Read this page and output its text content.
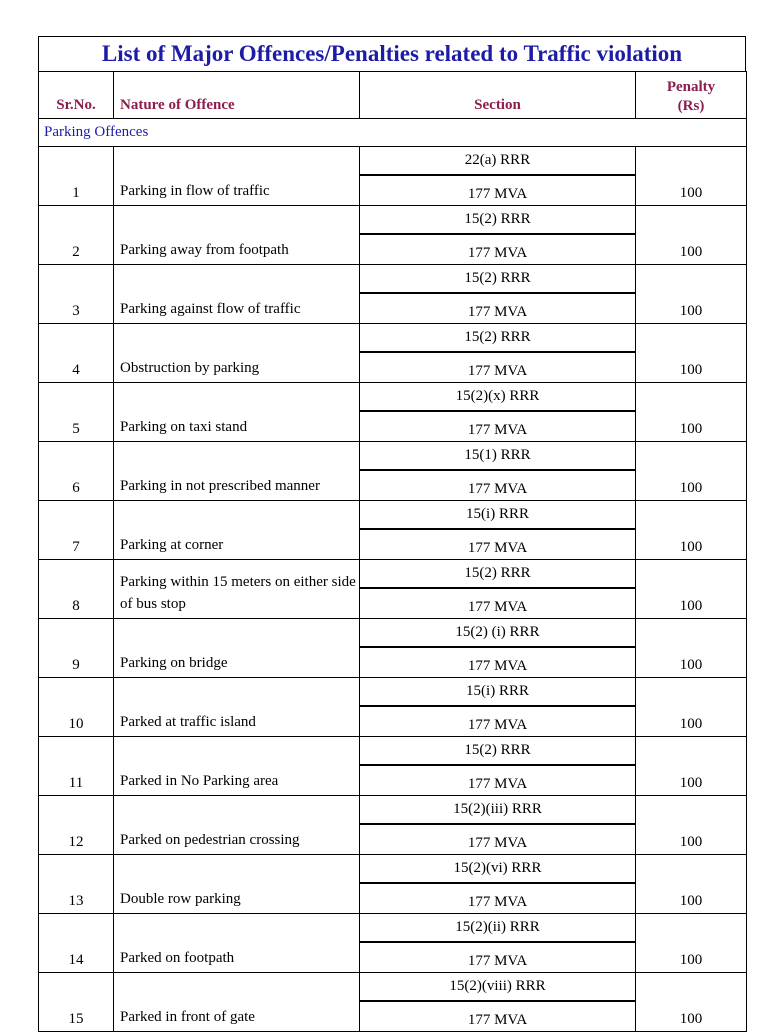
List of Major Offences/Penalties related to Traffic violation
Sr.No.	Nature of Offence	Section	Penalty
(Rs)
Parking Offences			
1	Parking in flow of traffic	22(a) RRR	100
		177 MVA	
2	Parking away from footpath	15(2) RRR	100
		177 MVA	
3	Parking against flow of traffic	15(2) RRR	100
		177 MVA	
4	Obstruction by parking	15(2) RRR	100
		177 MVA	
5	Parking on taxi stand	15(2)(x) RRR	100
		177 MVA	
6	Parking in not prescribed manner	15(1) RRR	100
		177 MVA	
7	Parking at corner	15(i) RRR	100
		177 MVA	
8	Parking within 15 meters on either side of bus stop	15(2) RRR	100
		177 MVA	
9	Parking on bridge	15(2) (i) RRR	100
		177 MVA	
10	Parked at traffic island	15(i) RRR	100
		177 MVA	
11	Parked in No Parking area	15(2) RRR	100
		177 MVA	
12	Parked on pedestrian crossing	15(2)(iii) RRR	100
		177 MVA	
13	Double row parking	15(2)(vi) RRR	100
		177 MVA	
14	Parked on footpath	15(2)(ii) RRR	100
		177 MVA	
15	Parked in front of gate	15(2)(viii) RRR	100
		177 MVA	
